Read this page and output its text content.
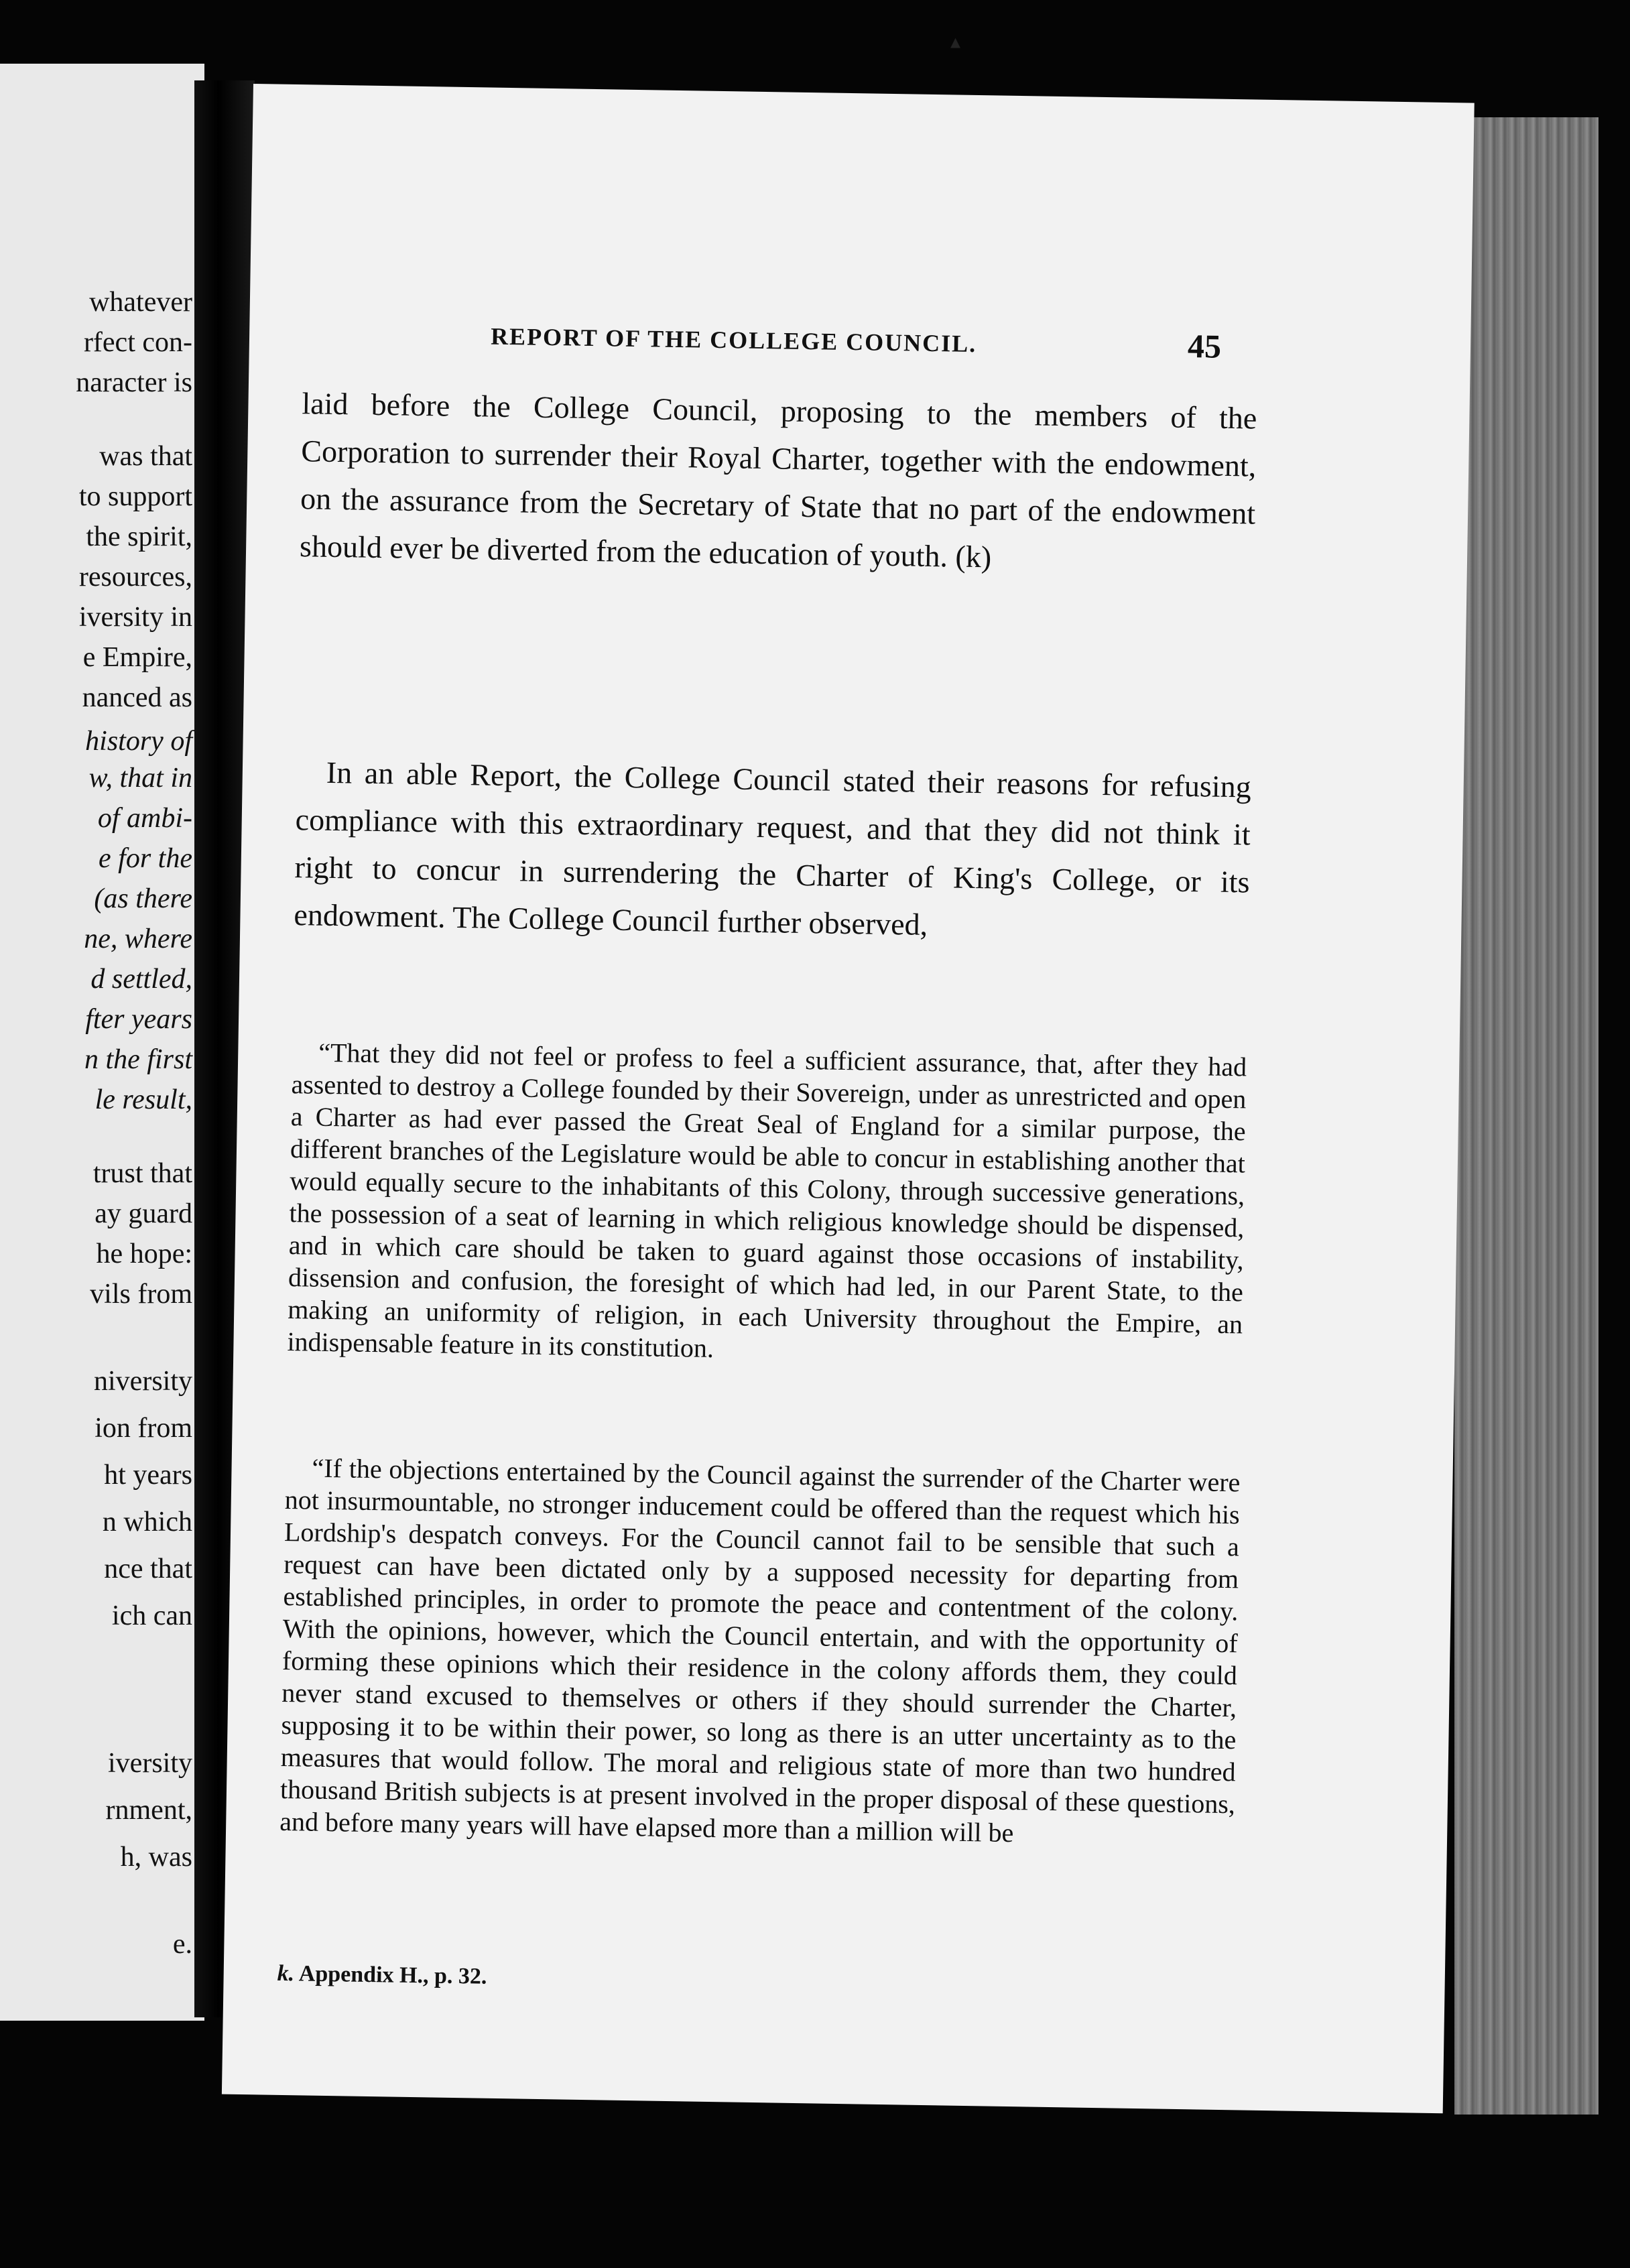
whatever
rfect con-
naracter is
was that
to support
the spirit,
resources,
iversity in
e Empire,
nanced as
history of
w, that in
of ambi-
e for the
(as there
ne, where
d settled,
fter years
n the first
le result,
trust that
ay guard
he hope:
vils from
niversity
ion from
ht years
n which
nce that
ich can
iversity
rnment,
h, was
e.
REPORT OF THE COLLEGE COUNCIL.	45

laid before the College Council, proposing to the members of the Corporation to surrender their Royal Charter, together with the endowment, on the assurance from the Secretary of State that no part of the endowment should ever be diverted from the education of youth. (k)

In an able Report, the College Council stated their reasons for refusing compliance with this extraordinary request, and that they did not think it right to concur in surrendering the Charter of King's College, or its endowment. The College Council further observed,

“That they did not feel or profess to feel a sufficient assurance, that, after they had assented to destroy a College founded by their Sovereign, under as unrestricted and open a Charter as had ever passed the Great Seal of England for a similar purpose, the different branches of the Legislature would be able to concur in establishing another that would equally secure to the inhabitants of this Colony, through successive generations, the possession of a seat of learning in which religious knowledge should be dispensed, and in which care should be taken to guard against those occasions of instability, dissension and confusion, the foresight of which had led, in our Parent State, to the making an uniformity of religion, in each University throughout the Empire, an indispensable feature in its constitution.

“If the objections entertained by the Council against the surrender of the Charter were not insurmountable, no stronger inducement could be offered than the request which his Lordship's despatch conveys. For the Council cannot fail to be sensible that such a request can have been dictated only by a supposed necessity for departing from established principles, in order to promote the peace and contentment of the colony. With the opinions, however, which the Council entertain, and with the opportunity of forming these opinions which their residence in the colony affords them, they could never stand excused to themselves or others if they should surrender the Charter, supposing it to be within their power, so long as there is an utter uncertainty as to the measures that would follow. The moral and religious state of more than two hundred thousand British subjects is at present involved in the proper disposal of these questions, and before many years will have elapsed more than a million will be

k. Appendix H., p. 32.
▴
